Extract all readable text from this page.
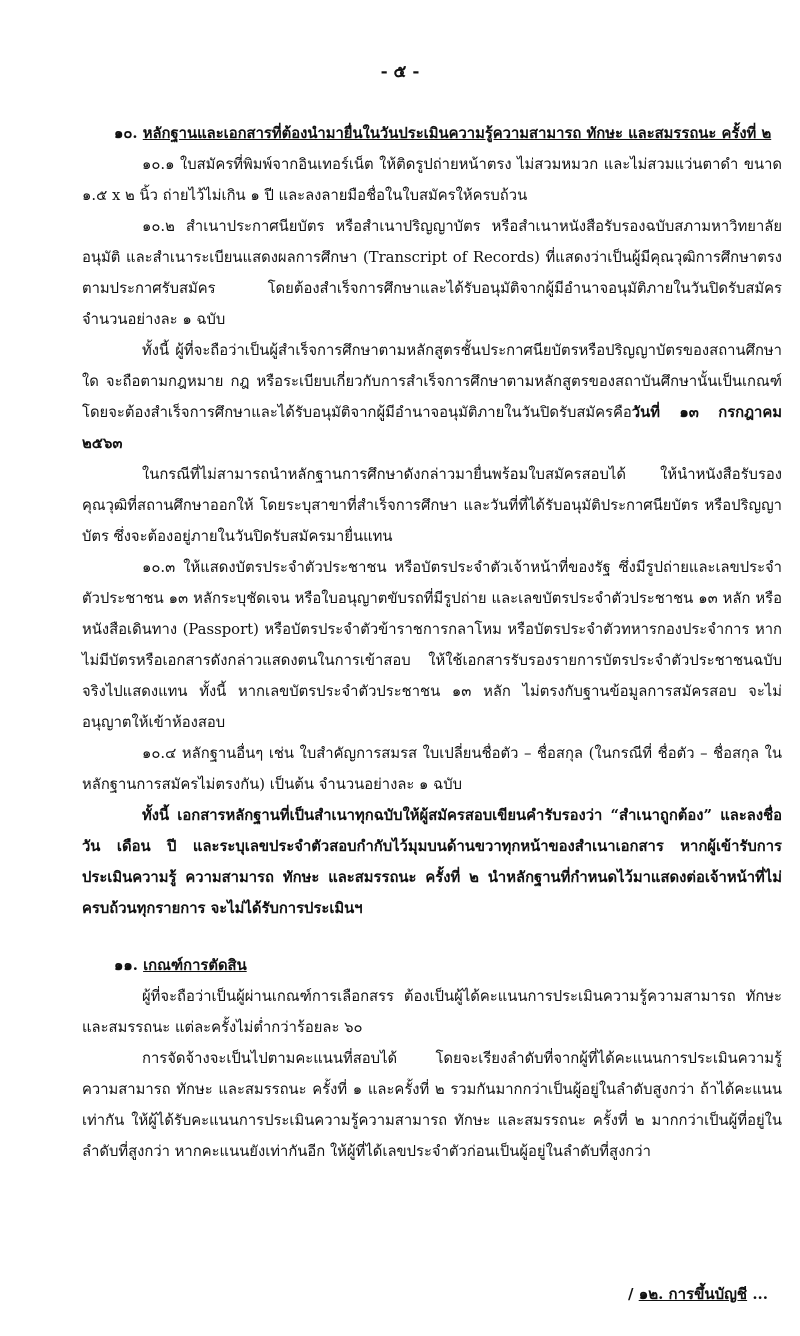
- ๕ -

๑๐. หลักฐานและเอกสารที่ต้องนำมายื่นในวันประเมินความรู้ความสามารถ ทักษะ และสมรรถนะ ครั้งที่ ๒

๑๐.๑ ใบสมัครที่พิมพ์จากอินเทอร์เน็ต ให้ติดรูปถ่ายหน้าตรง ไม่สวมหมวก และไม่สวมแว่นตาดำ ขนาด ๑.๕ x ๒ นิ้ว ถ่ายไว้ไม่เกิน ๑ ปี และลงลายมือชื่อในใบสมัครให้ครบถ้วน

๑๐.๒ สำเนาประกาศนียบัตร หรือสำเนาปริญญาบัตร หรือสำเนาหนังสือรับรองฉบับสภามหาวิทยาลัยอนุมัติ และสำเนาระเบียนแสดงผลการศึกษา (Transcript of Records) ที่แสดงว่าเป็นผู้มีคุณวุฒิการศึกษาตรงตามประกาศรับสมัคร โดยต้องสำเร็จการศึกษาและได้รับอนุมัติจากผู้มีอำนาจอนุมัติภายในวันปิดรับสมัคร จำนวนอย่างละ ๑ ฉบับ

ทั้งนี้ ผู้ที่จะถือว่าเป็นผู้สำเร็จการศึกษาตามหลักสูตรชั้นประกาศนียบัตรหรือปริญญาบัตรของสถานศึกษาใด จะถือตามกฎหมาย กฎ หรือระเบียบเกี่ยวกับการสำเร็จการศึกษาตามหลักสูตรของสถาบันศึกษานั้นเป็นเกณฑ์ โดยจะต้องสำเร็จการศึกษาและได้รับอนุมัติจากผู้มีอำนาจอนุมัติภายในวันปิดรับสมัครคือวันที่ ๑๓ กรกฎาคม ๒๕๖๓

ในกรณีที่ไม่สามารถนำหลักฐานการศึกษาดังกล่าวมายื่นพร้อมใบสมัครสอบได้ ให้นำหนังสือรับรองคุณวุฒิที่สถานศึกษาออกให้ โดยระบุสาขาที่สำเร็จการศึกษา และวันที่ที่ได้รับอนุมัติประกาศนียบัตร หรือปริญญาบัตร ซึ่งจะต้องอยู่ภายในวันปิดรับสมัครมายื่นแทน

๑๐.๓ ให้แสดงบัตรประจำตัวประชาชน หรือบัตรประจำตัวเจ้าหน้าที่ของรัฐ ซึ่งมีรูปถ่ายและเลขประจำตัวประชาชน ๑๓ หลักระบุชัดเจน หรือใบอนุญาตขับรถที่มีรูปถ่าย และเลขบัตรประจำตัวประชาชน ๑๓ หลัก หรือหนังสือเดินทาง (Passport) หรือบัตรประจำตัวข้าราชการกลาโหม หรือบัตรประจำตัวทหารกองประจำการ หากไม่มีบัตรหรือเอกสารดังกล่าวแสดงตนในการเข้าสอบ ให้ใช้เอกสารรับรองรายการบัตรประจำตัวประชาชนฉบับจริงไปแสดงแทน ทั้งนี้ หากเลขบัตรประจำตัวประชาชน ๑๓ หลัก ไม่ตรงกับฐานข้อมูลการสมัครสอบ จะไม่อนุญาตให้เข้าห้องสอบ

๑๐.๔ หลักฐานอื่นๆ เช่น ใบสำคัญการสมรส ใบเปลี่ยนชื่อตัว – ชื่อสกุล (ในกรณีที่ ชื่อตัว – ชื่อสกุล ในหลักฐานการสมัครไม่ตรงกัน) เป็นต้น จำนวนอย่างละ ๑ ฉบับ

ทั้งนี้ เอกสารหลักฐานที่เป็นสำเนาทุกฉบับให้ผู้สมัครสอบเขียนคำรับรองว่า “สำเนาถูกต้อง” และลงชื่อ วัน เดือน ปี และระบุเลขประจำตัวสอบกำกับไว้มุมบนด้านขวาทุกหน้าของสำเนาเอกสาร หากผู้เข้ารับการประเมินความรู้ ความสามารถ ทักษะ และสมรรถนะ ครั้งที่ ๒ นำหลักฐานที่กำหนดไว้มาแสดงต่อเจ้าหน้าที่ไม่ครบถ้วนทุกรายการ จะไม่ได้รับการประเมินฯ

๑๑. เกณฑ์การตัดสิน

ผู้ที่จะถือว่าเป็นผู้ผ่านเกณฑ์การเลือกสรร ต้องเป็นผู้ได้คะแนนการประเมินความรู้ความสามารถ ทักษะ และสมรรถนะ แต่ละครั้งไม่ต่ำกว่าร้อยละ ๖๐

การจัดจ้างจะเป็นไปตามคะแนนที่สอบได้ โดยจะเรียงลำดับที่จากผู้ที่ได้คะแนนการประเมินความรู้ความสามารถ ทักษะ และสมรรถนะ ครั้งที่ ๑ และครั้งที่ ๒ รวมกันมากกว่าเป็นผู้อยู่ในลำดับสูงกว่า ถ้าได้คะแนนเท่ากัน ให้ผู้ได้รับคะแนนการประเมินความรู้ความสามารถ ทักษะ และสมรรถนะ ครั้งที่ ๒ มากกว่าเป็นผู้ที่อยู่ในลำดับที่สูงกว่า หากคะแนนยังเท่ากันอีก ให้ผู้ที่ได้เลขประจำตัวก่อนเป็นผู้อยู่ในลำดับที่สูงกว่า

/ ๑๒. การขึ้นบัญชี ...
